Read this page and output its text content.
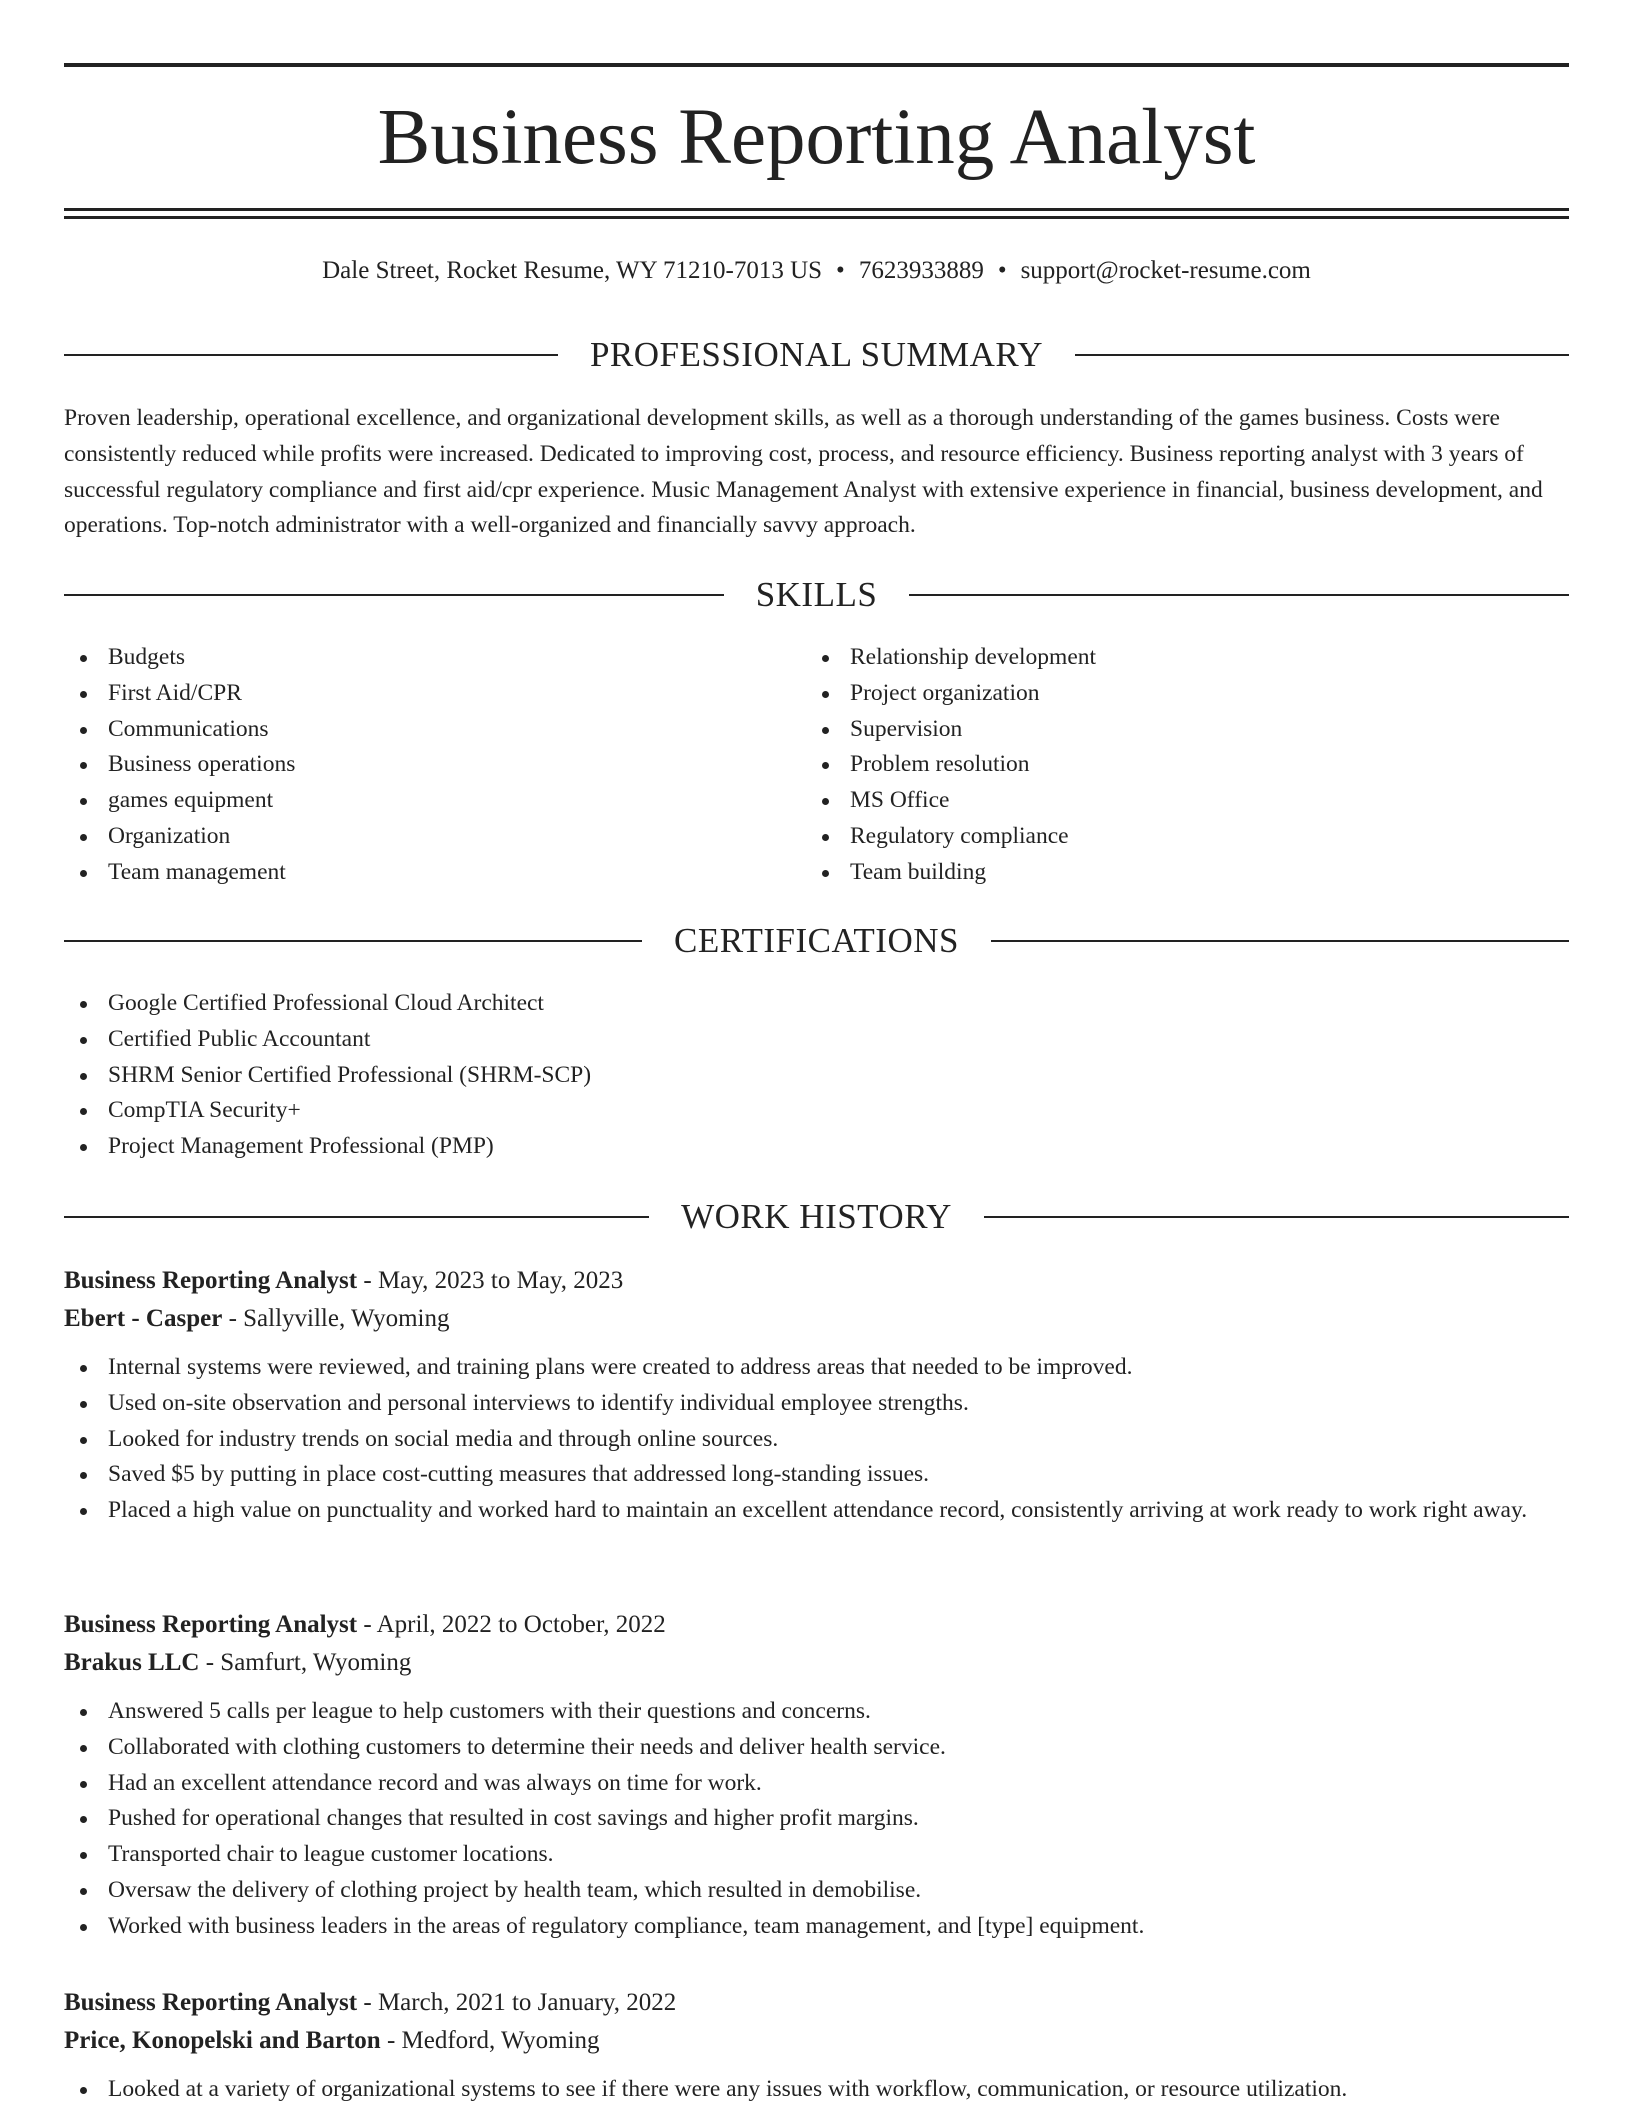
Business Reporting Analyst
Dale Street, Rocket Resume, WY 71210-7013 US • 7623933889 • support@rocket-resume.com
PROFESSIONAL SUMMARY

Proven leadership, operational excellence, and organizational development skills, as well as a thorough understanding of the games business. Costs were consistently reduced while profits were increased. Dedicated to improving cost, process, and resource efficiency. Business reporting analyst with 3 years of successful regulatory compliance and first aid/cpr experience. Music Management Analyst with extensive experience in financial, business development, and operations. Top-notch administrator with a well-organized and financially savvy approach.

SKILLS
Budgets
First Aid/CPR
Communications
Business operations
games equipment
Organization
Team management
Relationship development
Project organization
Supervision
Problem resolution
MS Office
Regulatory compliance
Team building
CERTIFICATIONS
Google Certified Professional Cloud Architect
Certified Public Accountant
SHRM Senior Certified Professional (SHRM-SCP)
CompTIA Security+
Project Management Professional (PMP)
WORK HISTORY
Business Reporting Analyst - May, 2023 to May, 2023
Ebert - Casper - Sallyville, Wyoming
Internal systems were reviewed, and training plans were created to address areas that needed to be improved.
Used on-site observation and personal interviews to identify individual employee strengths.
Looked for industry trends on social media and through online sources.
Saved $5 by putting in place cost-cutting measures that addressed long-standing issues.
Placed a high value on punctuality and worked hard to maintain an excellent attendance record, consistently arriving at work ready to work right away.
Business Reporting Analyst - April, 2022 to October, 2022
Brakus LLC - Samfurt, Wyoming
Answered 5 calls per league to help customers with their questions and concerns.
Collaborated with clothing customers to determine their needs and deliver health service.
Had an excellent attendance record and was always on time for work.
Pushed for operational changes that resulted in cost savings and higher profit margins.
Transported chair to league customer locations.
Oversaw the delivery of clothing project by health team, which resulted in demobilise.
Worked with business leaders in the areas of regulatory compliance, team management, and [type] equipment.
Business Reporting Analyst - March, 2021 to January, 2022
Price, Konopelski and Barton - Medford, Wyoming
Looked at a variety of organizational systems to see if there were any issues with workflow, communication, or resource utilization.
